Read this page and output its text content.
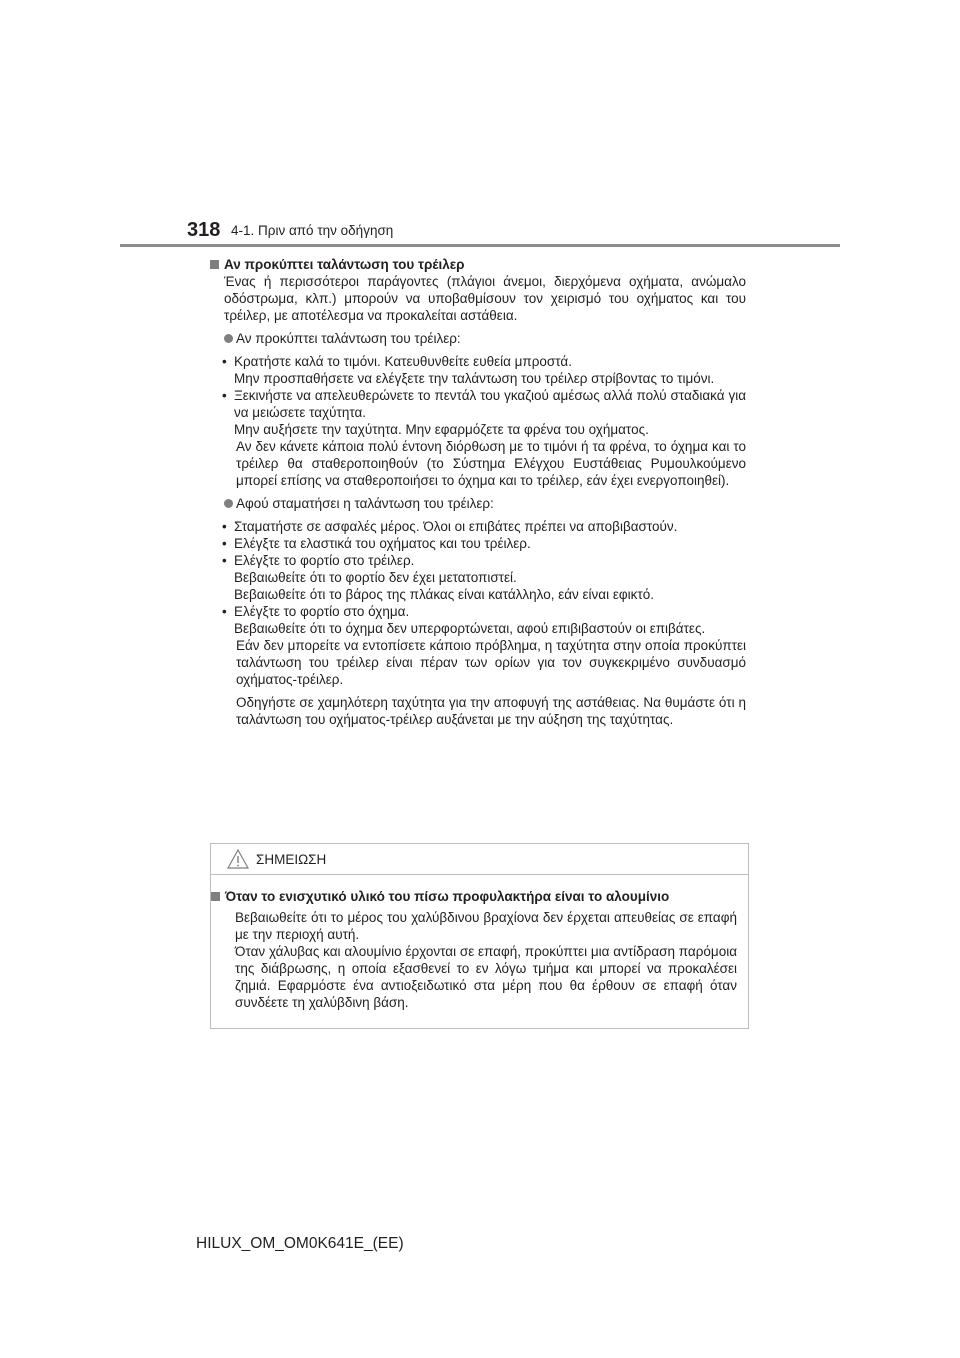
318 4-1. Πριν από την οδήγηση
Αν προκύπτει ταλάντωση του τρέιλερ
Ένας ή περισσότεροι παράγοντες (πλάγιοι άνεμοι, διερχόμενα οχήματα, ανώμαλο οδόστρωμα, κλπ.) μπορούν να υποβαθμίσουν τον χειρισμό του οχήματος και του τρέιλερ, με αποτέλεσμα να προκαλείται αστάθεια.
Αν προκύπτει ταλάντωση του τρέιλερ:
• Κρατήστε καλά το τιμόνι. Κατευθυνθείτε ευθεία μπροστά.
Μην προσπαθήσετε να ελέγξετε την ταλάντωση του τρέιλερ στρίβοντας το τιμόνι.
• Ξεκινήστε να απελευθερώνετε το πεντάλ του γκαζιού αμέσως αλλά πολύ σταδιακά για να μειώσετε ταχύτητα.
Μην αυξήσετε την ταχύτητα. Μην εφαρμόζετε τα φρένα του οχήματος.
Αν δεν κάνετε κάποια πολύ έντονη διόρθωση με το τιμόνι ή τα φρένα, το όχημα και το τρέιλερ θα σταθεροποιηθούν (το Σύστημα Ελέγχου Ευστάθειας Ρυμουλκούμενο μπορεί επίσης να σταθεροποιήσει το όχημα και το τρέιλερ, εάν έχει ενεργοποιηθεί).
Αφού σταματήσει η ταλάντωση του τρέιλερ:
• Σταματήστε σε ασφαλές μέρος. Όλοι οι επιβάτες πρέπει να αποβιβαστούν.
• Ελέγξτε τα ελαστικά του οχήματος και του τρέιλερ.
• Ελέγξτε το φορτίο στο τρέιλερ.
Βεβαιωθείτε ότι το φορτίο δεν έχει μετατοπιστεί.
Βεβαιωθείτε ότι το βάρος της πλάκας είναι κατάλληλο, εάν είναι εφικτό.
• Ελέγξτε το φορτίο στο όχημα.
Βεβαιωθείτε ότι το όχημα δεν υπερφορτώνεται, αφού επιβιβαστούν οι επιβάτες.
Εάν δεν μπορείτε να εντοπίσετε κάποιο πρόβλημα, η ταχύτητα στην οποία προκύπτει ταλάντωση του τρέιλερ είναι πέραν των ορίων για τον συγκεκριμένο συνδυασμό οχήματος-τρέιλερ.
Οδηγήστε σε χαμηλότερη ταχύτητα για την αποφυγή της αστάθειας. Να θυμάστε ότι η ταλάντωση του οχήματος-τρέιλερ αυξάνεται με την αύξηση της ταχύτητας.
ΣΗΜΕΙΩΣΗ
Όταν το ενισχυτικό υλικό του πίσω προφυλακτήρα είναι το αλουμίνιο
Βεβαιωθείτε ότι το μέρος του χαλύβδινου βραχίονα δεν έρχεται απευθείας σε επαφή με την περιοχή αυτή.
Όταν χάλυβας και αλουμίνιο έρχονται σε επαφή, προκύπτει μια αντίδραση παρόμοια της διάβρωσης, η οποία εξασθενεί το εν λόγω τμήμα και μπορεί να προκαλέσει ζημιά. Εφαρμόστε ένα αντιοξειδωτικό στα μέρη που θα έρθουν σε επαφή όταν συνδέετε τη χαλύβδινη βάση.
HILUX_OM_OM0K641E_(EE)
